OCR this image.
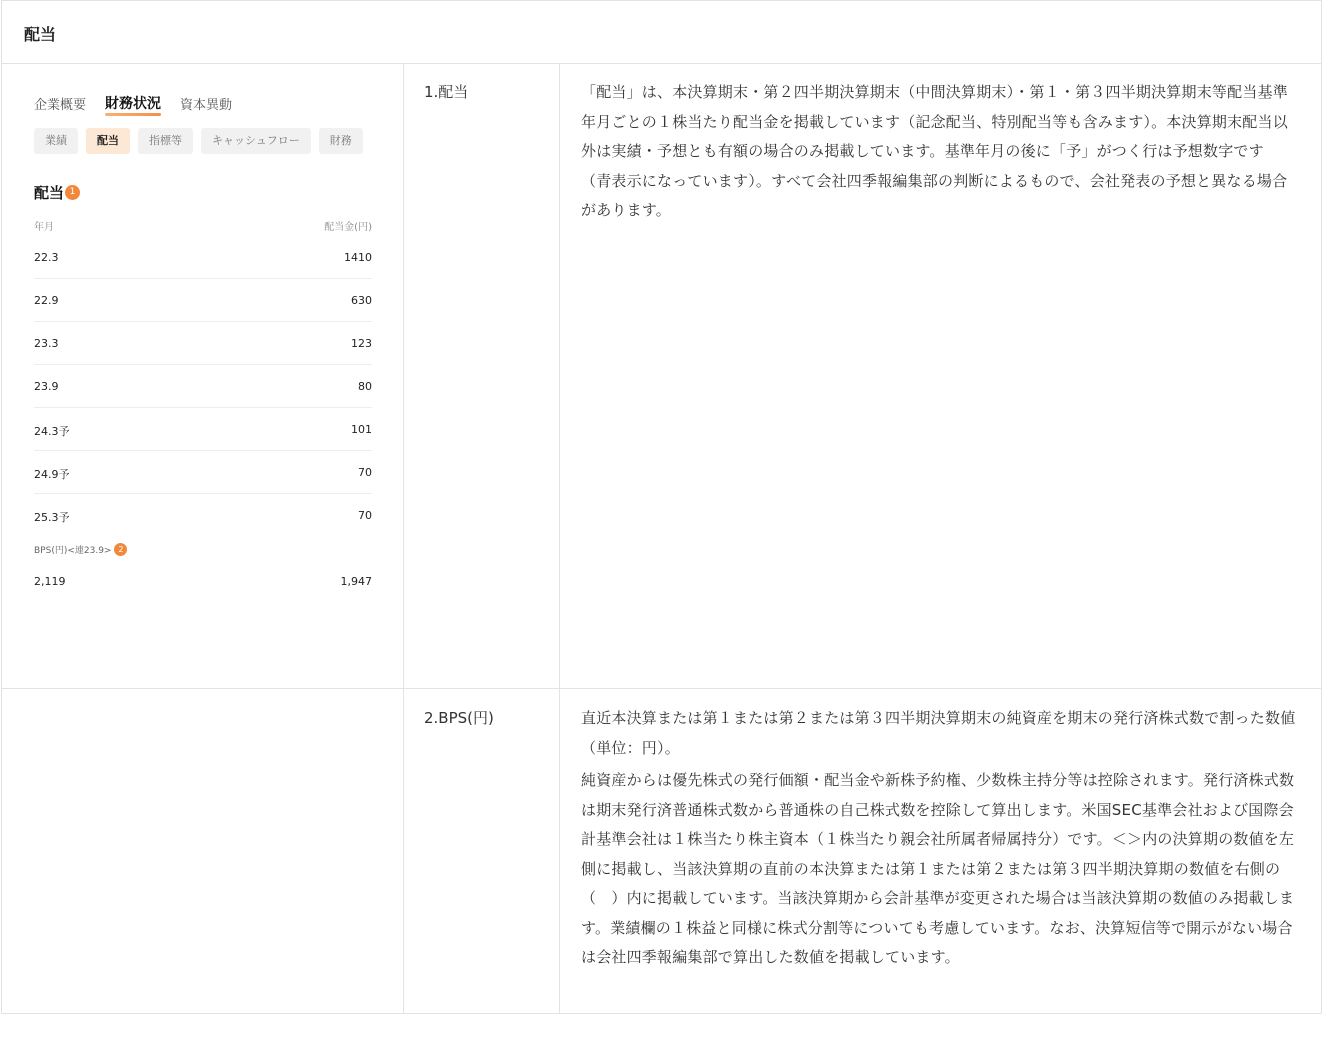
配当
企業概要 財務状況 資本異動
業績	配当	指標等	キャッシュフロー	財務
配当 1
年月	配当金(円)
22.3	1410
22.9	630
23.3	123
23.9	80
24.3予	101
24.9予	70
25.3予	70
BPS(円)<連23.9> 2
2,119	1,947
1.配当	「配当」は、本決算期末・第２四半期決算期末（中間決算期末）・第１・第３四半期決算期末等配当基準年月ごとの１株当たり配当金を掲載しています（記念配当、特別配当等も含みます）。本決算期末配当以外は実績・予想とも有額の場合のみ掲載しています。基準年月の後に「予」がつく行は予想数字です（青表示になっています）。すべて会社四季報編集部の判断によるもので、会社発表の予想と異なる場合があります。

2.BPS(円)	直近本決算または第１または第２または第３四半期決算期末の純資産を期末の発行済株式数で割った数値（単位：円）。

純資産からは優先株式の発行価額・配当金や新株予約権、少数株主持分等は控除されます。発行済株式数は期末発行済普通株式数から普通株の自己株式数を控除して算出します。米国SEC基準会社および国際会計基準会社は１株当たり株主資本（１株当たり親会社所属者帰属持分）です。＜＞内の決算期の数値を左側に掲載し、当該決算期の直前の本決算または第１または第２または第３四半期決算期の数値を右側の（　）内に掲載しています。当該決算期から会計基準が変更された場合は当該決算期の数値のみ掲載します。業績欄の１株益と同様に株式分割等についても考慮しています。なお、決算短信等で開示がない場合は会社四季報編集部で算出した数値を掲載しています。
